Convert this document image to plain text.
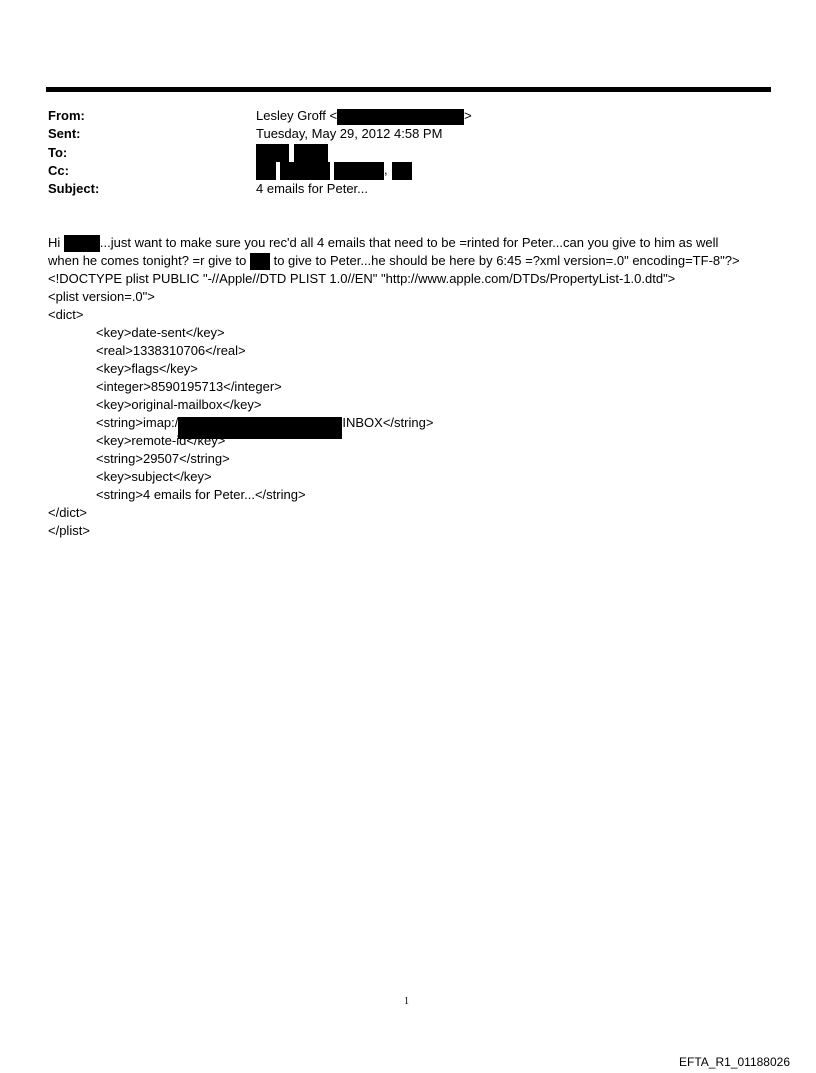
From:	Lesley Groff <	>
Sent:	Tuesday, May 29, 2012 4:58 PM
To:

Cc:	,
Subject:	4 emails for Peter...
Hi	...just want to make sure you rec'd all 4 emails that need to be =rinted for Peter...can you give to him as well
when he comes tonight? =r give to  to give to Peter...he should be here by 6:45 =?xml version=.0" encoding=TF-8"?>
<!DOCTYPE plist PUBLIC "-//Apple//DTD PLIST 1.0//EN" "http://www.apple.com/DTDs/PropertyList-1.0.dtd">
<plist version=.0">
<dict>
<key>date-sent</key>
<real>1338310706</real>
<key>flags</key>
<integer>8590195713</integer>
<key>original-mailbox</key>
<string>imap:/	INBOX</string>
<key>remote-id</key>
<string>29507</string>
<key>subject</key>
<string>4 emails for Peter...</string>
</dict>
</plist>
1
EFTA_R1_01188026
